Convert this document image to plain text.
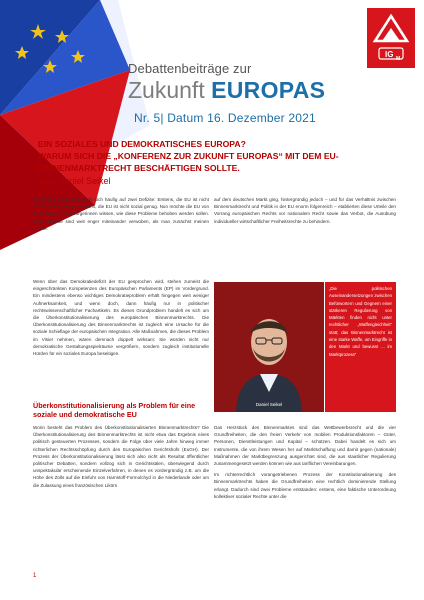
IG M
Debattenbeiträge zur
Zukunft EUROPAS
Nr. 5| Datum 16. Dezember 2021
EIN SOZIALES UND DEMOKRATISCHES EUROPA?
WARUM SICH DIE „KONFERENZ ZUR ZUKUNFT EUROPAS“ MIT DEM EU-
BINNENMARKTRECHT BESCHÄFTIGEN SOLLTE.
Von Daniel Seikel

Die Kritik an Europa bezieht sich häufig auf zwei Defizite: Erstens, die EU ist nicht demokratisch genug; zweitens, die EU ist nicht sozial genug. Nun möchte die EU von ihren Bürgern und Bürgerinnen wissen, wie diese Probleme behoben werden sollen. Beide Defizite sind weit enger miteinander verwoben, als man zunächst meinen könnte.

auf dem deutschen Markt ging, hintergründig jedoch – und für das Verhältnis zwischen Binnenmarktrecht und Politik in der EU enorm folgenreich – etablierten diese Urteile den Vorrang europäischen Rechts vor nationalem Recht sowie das Verbot, die Ausübung individueller wirtschaftlicher Freiheitsrechte zu behindern.

Wenn über das Demokratiedefizit der EU gesprochen wird, stehen zumeist die eingeschränkten Kompetenzen des Europäischen Parlaments (EP) im Vordergrund. Ein mindestens ebenso wichtiges Demokratieproblem erhält hingegen weit weniger Aufmerksamkeit, und wenn doch, dann häufig nur in politischer rechtswissenschaftlicher Fachartikeln. Es dieses Grundproblem handelt es sich um die Überkonstitutionalisierung des europäischen Binnenmarktrechts. Die Überkonstitutionalisierung des Binnenmarktrechts ist zugleich eine Ursache für die soziale Schieflage der europäischen Integration. Alle Maßnahmen, die dieses Problem im Visier nehmen, wären demnach doppelt wirksam: Sie würden nicht nur demokratische Gestaltungsspielräume vergrößern, sondern zugleich institutionelle Hürden für ein soziales Europa beseitigen.

Überkonstitutionalisierung als Problem für eine soziale und demokratische EU

Worin besteht das Problem des Überkonstitutionalisierten Binnenmarktrechts? Die Überkonstitutionalisierung des Binnenmarktrechts ist nicht etwa das Ergebnis eines politisch gesteuerten Prozesses, sondern die Folge über viele Jahre hinweg immer richterlichen Rechtsschöpfung durch den Europäischen Gerichtshofs (EuGH). Der Prozess der Überkonstitutionalisierung lässt sich also nicht als Resultat öffentlicher politischer Debatten, sondern vollzog sich in Gerichtssälen, überwiegend durch unspektakulär erscheinende Einzelverfahren, in denen es vordergründig z.B. um die Höhe des Zolls auf die Einfuhr von Harnstoff-Formolchyd in die Niederlande oder um die Zulassung eines französischen Likörs

Daniel Seikel
„Die politischen Auseinandersetzungen zwischen Befürwortern und Gegnern einer stärkeren Regulierung von Märkten finden nicht unter rechtlicher „Waffengleichheit“ statt; das Binnenmarktrecht ist eine starke Waffe, um Eingriffe in den Markt und bewusst ... im Marktprozess“

Das Herzstück des Binnenmarktes sind das Wettbewerbsrecht und die vier Grundfreiheiten, die den freien Verkehr von mobilen Produktionsfaktoren – Güter, Personen, Dienstleistungen und Kapital – schützen. Dabei handelt es sich um Instrumente, die von ihrem Wesen her auf Marktschaffung und damit gegen (nationale) Maßnahmen der Marktbegrenzung ausgerichtet sind, die aus staatlicher Regulierung zusammengesetzt werden können wie aus tariflichen Vereinbarungen.

Im richterrechtlich vorangetriebenen Prozess der Konstitutionalisierung des Binnenmarktrechts haben die Grundfreiheiten eine rechtlich dominierende Stellung erlangt. Dadurch sind zwei Probleme entstanden: erstens, eine faktische Unterordnung kollektiver sozialer Rechte unter die

1
